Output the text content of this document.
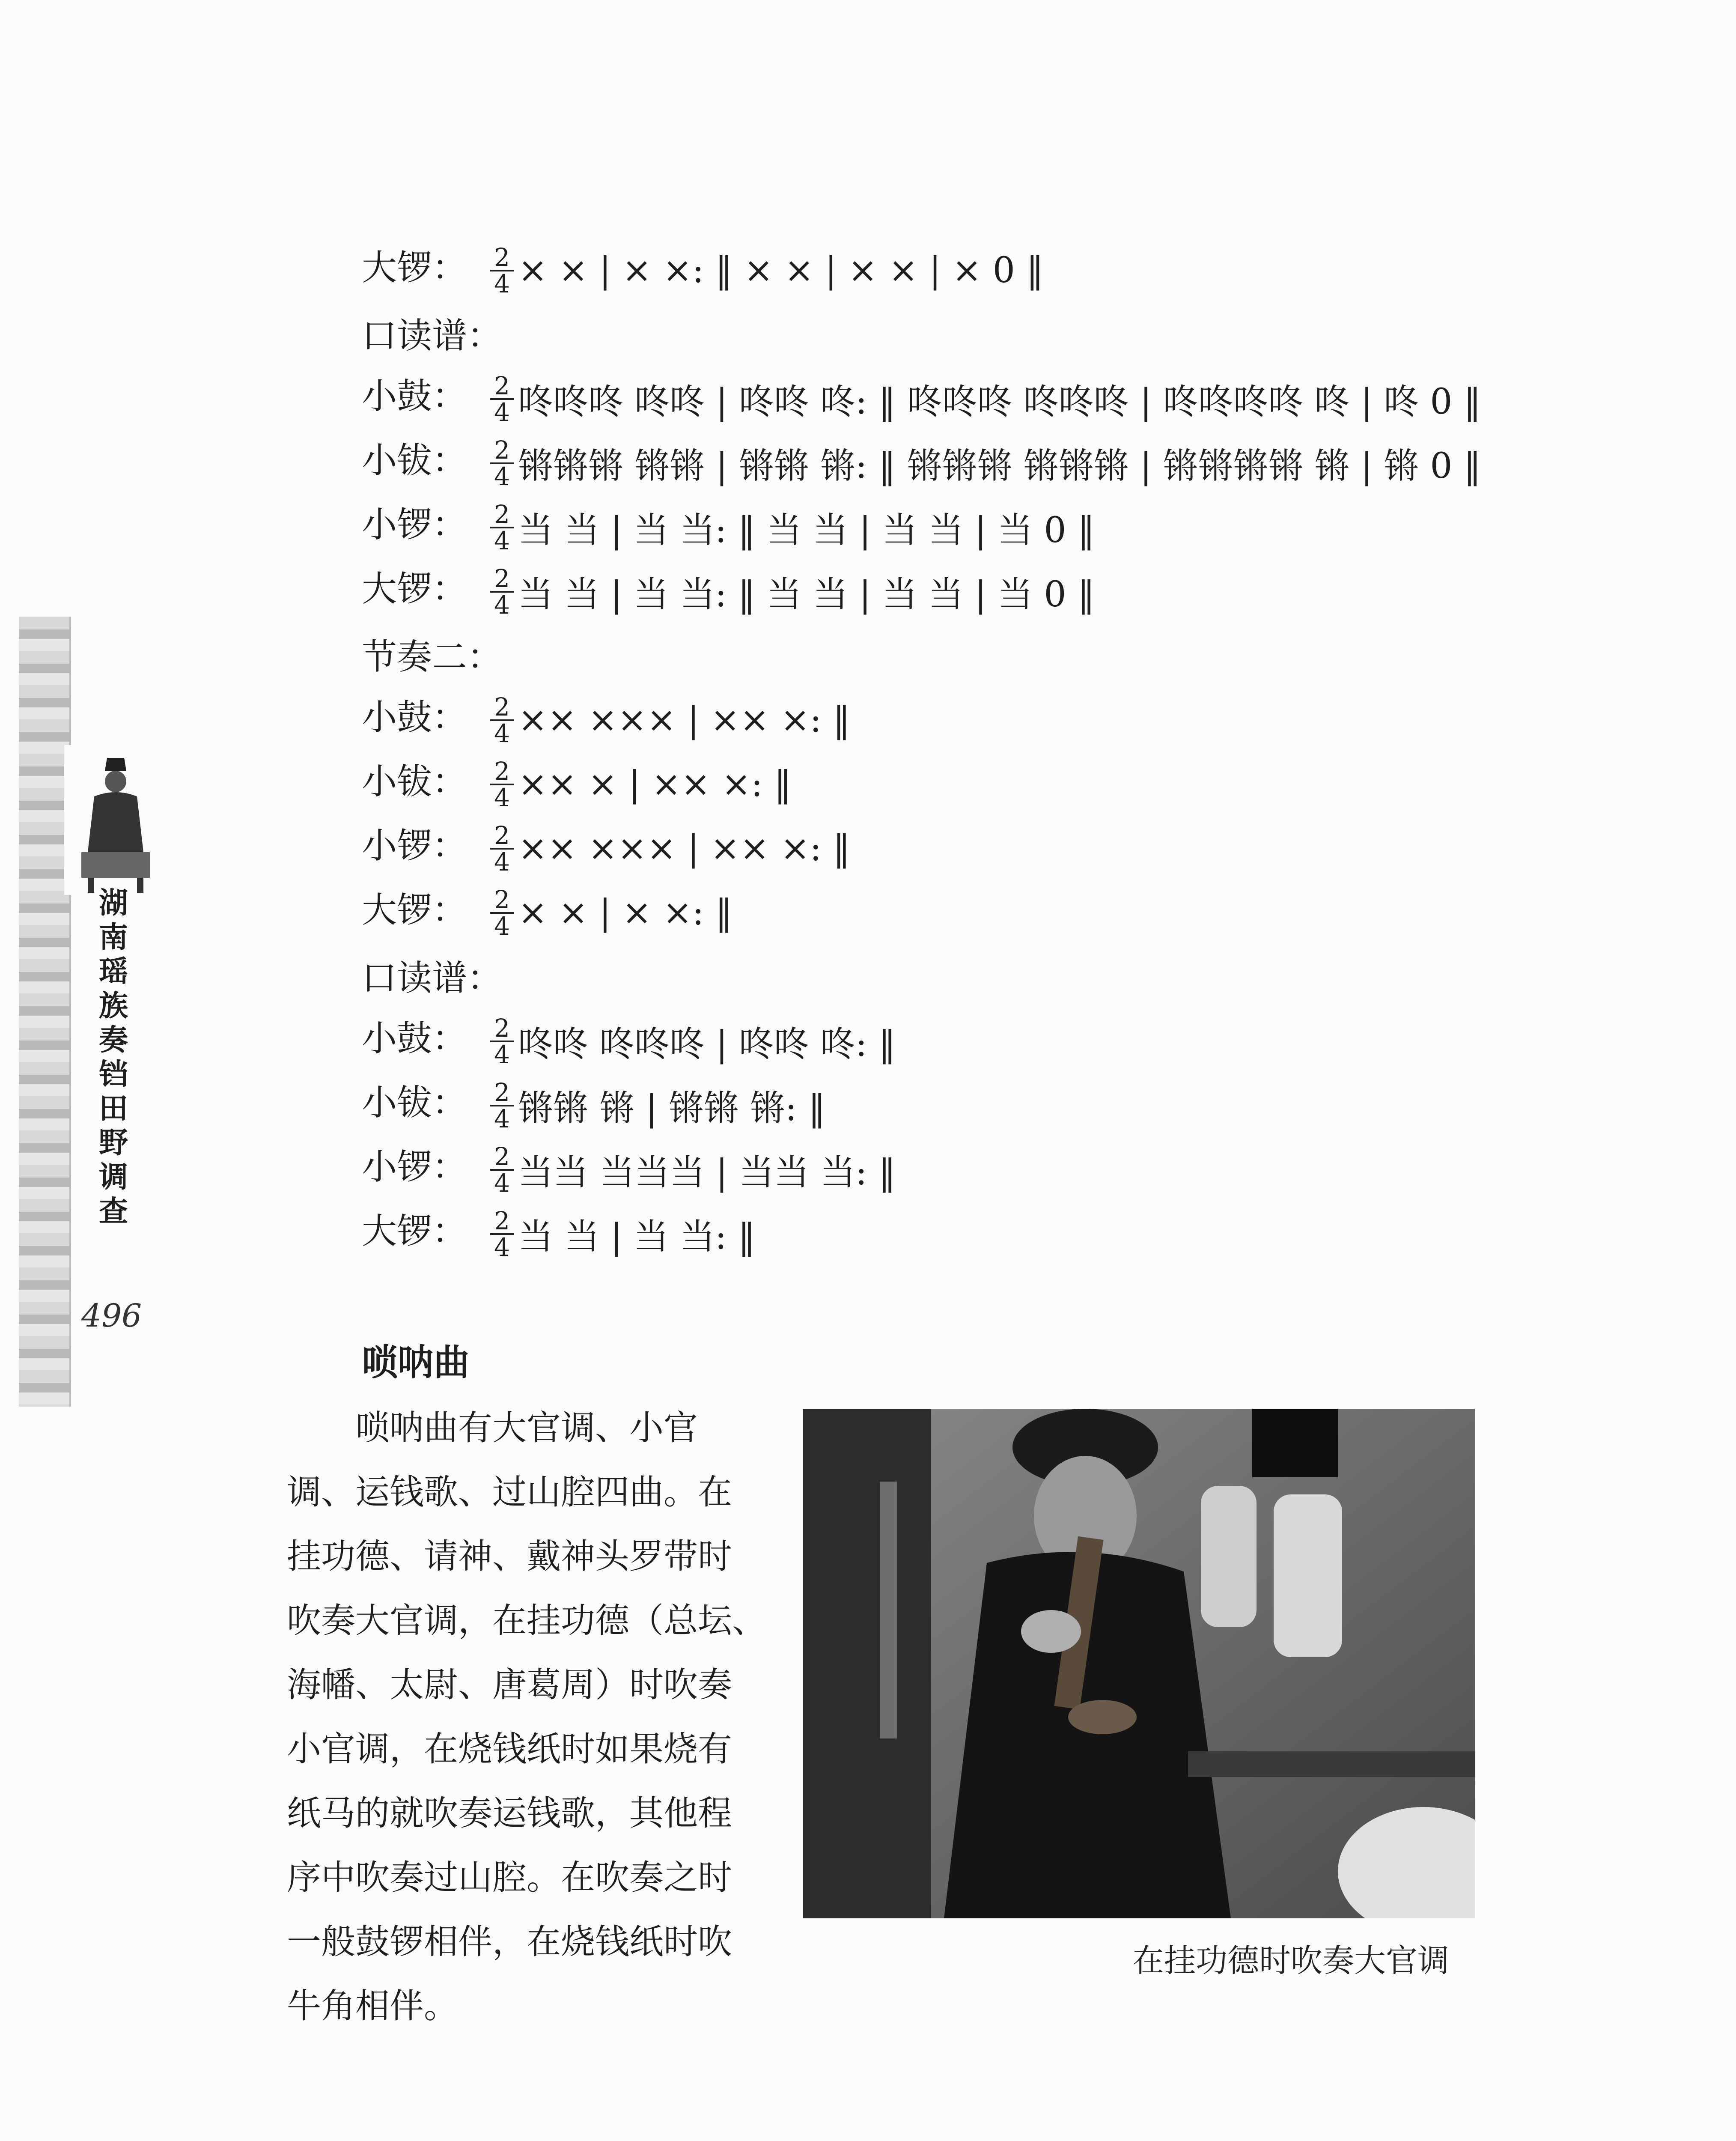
湖
南
瑶
族
奏
铛
田
野
调
查
496
大锣： $\frac{2}{4}$ × × | × ×: ‖ × × | × × | × 0 ‖
口读谱：
小鼓： $\frac{2}{4}$ 咚咚咚 咚咚 | 咚咚 咚: ‖ 咚咚咚 咚咚咚 | 咚咚咚咚 咚 | 咚 0 ‖
小钹： $\frac{2}{4}$ 锵锵锵 锵锵 | 锵锵 锵: ‖ 锵锵锵 锵锵锵 | 锵锵锵锵 锵 | 锵 0 ‖
小锣： $\frac{2}{4}$ 当 当 | 当 当: ‖ 当 当 | 当 当 | 当 0 ‖
大锣： $\frac{2}{4}$ 当 当 | 当 当: ‖ 当 当 | 当 当 | 当 0 ‖
节奏二：
小鼓： $\frac{2}{4}$ ×× ××× | ×× ×: ‖
小钹： $\frac{2}{4}$ ×× × | ×× ×: ‖
小锣： $\frac{2}{4}$ ×× ××× | ×× ×: ‖
大锣： $\frac{2}{4}$ × × | × ×: ‖
口读谱：
小鼓： $\frac{2}{4}$ 咚咚 咚咚咚 | 咚咚 咚: ‖
小钹： $\frac{2}{4}$ 锵锵 锵 | 锵锵 锵: ‖
小锣： $\frac{2}{4}$ 当当 当当当 | 当当 当: ‖
大锣： $\frac{2}{4}$ 当 当 | 当 当: ‖
唢呐曲
　　唢呐曲有大官调、小官
调、运钱歌、过山腔四曲。在
挂功德、请神、戴神头罗带时
吹奏大官调，在挂功德（总坛、
海幡、太尉、唐葛周）时吹奏
小官调，在烧钱纸时如果烧有
纸马的就吹奏运钱歌，其他程
序中吹奏过山腔。在吹奏之时
一般鼓锣相伴，在烧钱纸时吹
牛角相伴。
在挂功德时吹奏大官调
